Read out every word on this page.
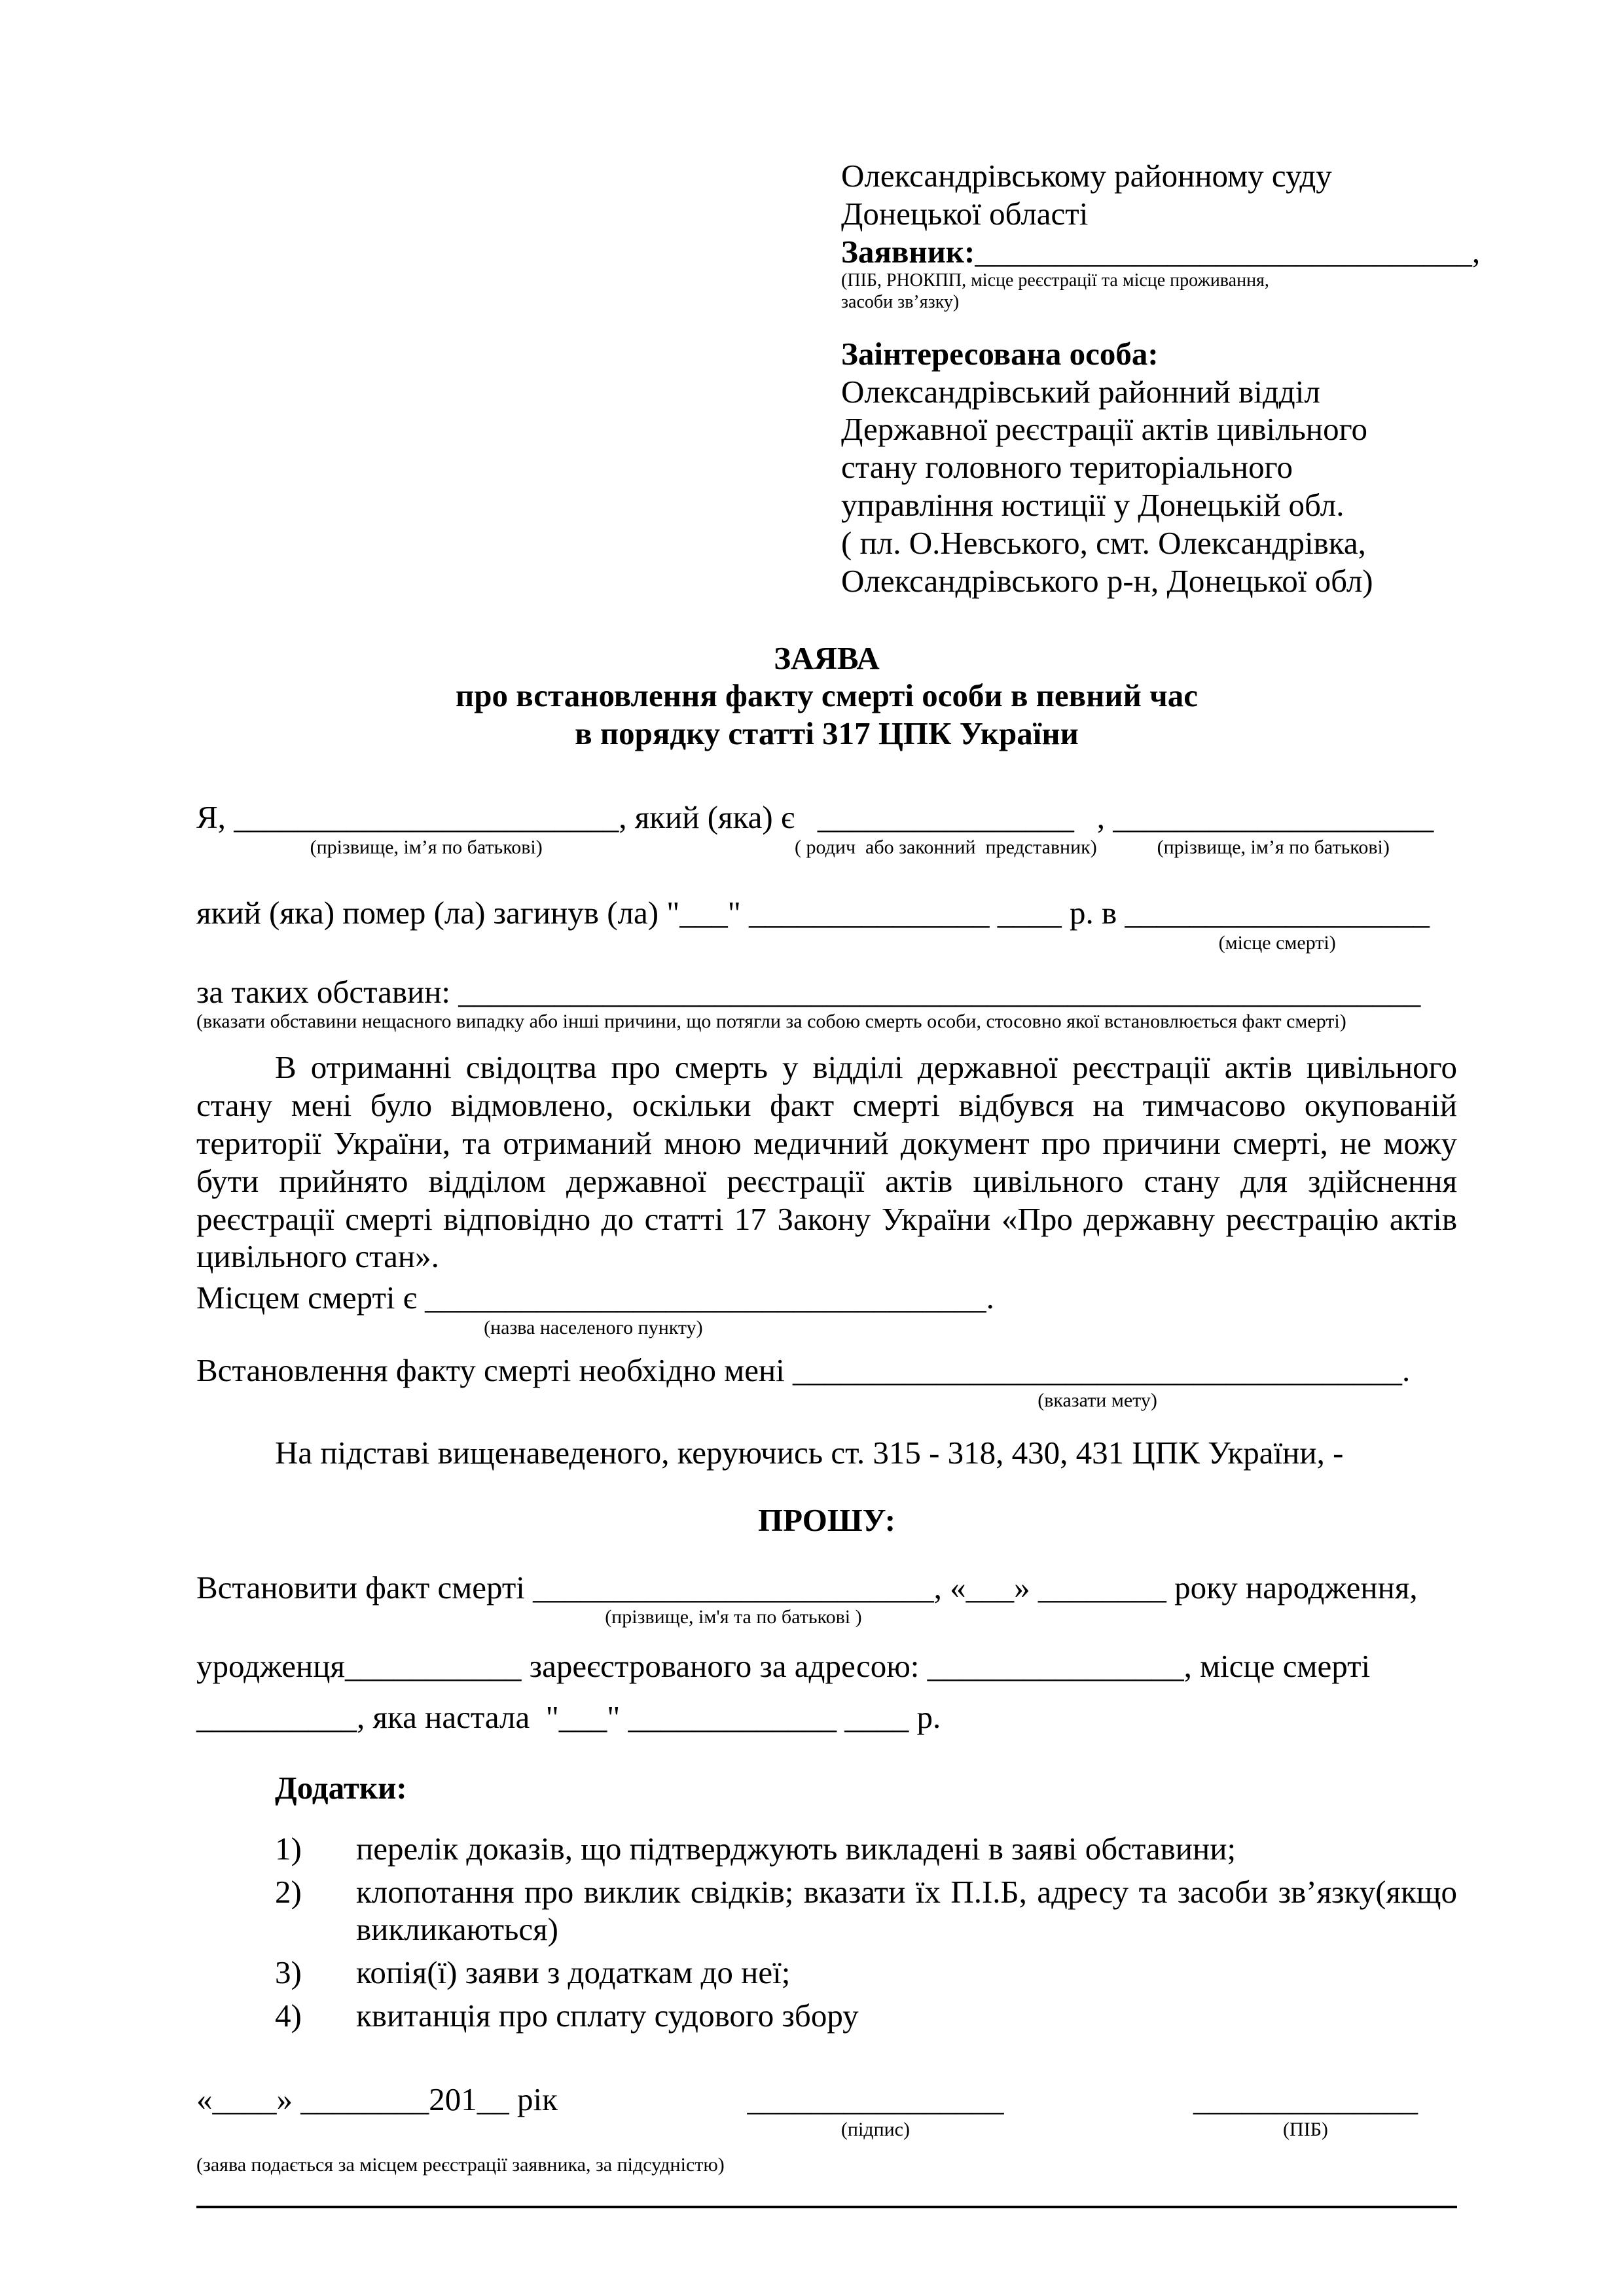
Олександрівському районному суду
Донецької області
Заявник:_______________________________,
(ПІБ, РНОКПП, місце реєстрації та місце проживання,
засоби зв’язку)
Заінтересована особа:
Олександрівський районний відділ
Державної реєстрації актів цивільного
стану головного територіального
управління юстиції у Донецькій обл.
( пл. О.Невського, смт. Олександрівка,
Олександрівського р-н, Донецької обл)
ЗАЯВА
про встановлення факту смерті особи в певний час
в порядку статті 317 ЦПК України
Я, ________________________
(прізвище, ім’я по батькові)
, який (яка) є ________________
( родич  або законний  представник)
, ____________________
(прізвище, ім’я по батькові)
який (яка) помер (ла) загинув (ла) "___" _______________ ____ р. в ___________________
(місце смерті)
за таких обставин: ____________________________________________________________
(вказати обставини нещасного випадку або інші причини, що потягли за собою смерть особи, стосовно якої встановлюється факт смерті)
В отриманні свідоцтва про смерть у відділі державної реєстрації актів цивільного стану мені було відмовлено, оскільки факт смерті відбувся на тимчасово окупованій території України, та отриманий мною медичний документ про причини смерті, не можу бути прийнято відділом державної реєстрації актів цивільного стану для здійснення реєстрації смерті відповідно до статті 17 Закону України «Про державну реєстрацію актів цивільного стан».
Місцем смерті є ___________________________________
(назва населеного пункту)
.
Встановлення факту смерті необхідно мені ______________________________________
(вказати мету)
.
На підставі вищенаведеного, керуючись ст. 315 - 318, 430, 431 ЦПК України, -
ПРОШУ:
Встановити факт смерті _________________________
(прізвище, ім'я та по батькові )
, «___» ________ року народження,
уродженця___________ зареєстрованого за адресою: ________________, місце смерті
__________, яка настала  "___" _____________ ____ р.
Додатки:
1)	перелік доказів, що підтверджують викладені в заяві обставини;
2)	клопотання про виклик свідків; вказати їх П.І.Б, адресу та засоби зв’язку(якщо викликаються)
3)	копія(ї) заяви з додаткам до неї;
4)	квитанція про сплату судового збору
«____» ________201__ рік	________________
(підпис)
______________
(ПІБ)
(заява подається за місцем реєстрації заявника, за підсудністю)
